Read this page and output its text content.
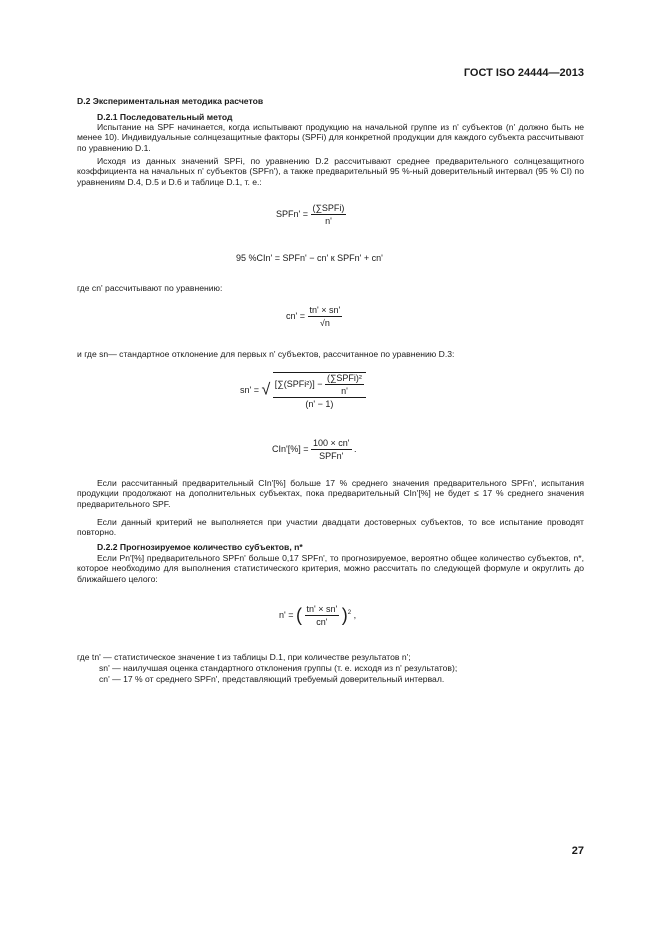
ГОСТ ISO 24444—2013
D.2 Экспериментальная методика расчетов
D.2.1 Последовательный метод
Испытание на SPF начинается, когда испытывают продукцию на начальной группе из n' субъектов (n' должно быть не менее 10). Индивидуальные солнцезащитные факторы (SPFi) для конкретной продукции для каждого субъекта рассчитывают по уравнению D.1.
Исходя из данных значений SPFi, по уравнению D.2 рассчитывают среднее предварительного солнцезащитного коэффициента на начальных n' субъектов (SPFn'), а также предварительный 95 %-ный доверительный интервал (95 % CI) по уравнениям D.4, D.5 и D.6 и таблице D.1, т. е.:
SPFn' = $\frac{\text{(∑SPFi)}}{n'}$
95 %CIn' = SPFn' − cn' к SPFn' + cn'
где cn' рассчитывают по уравнению:
$cn' = \frac{tn' \times sn'}{√n}$
и где sn— стандартное отклонение для первых n' субъектов, рассчитанное по уравнению D.3:
sn' = √ $\frac{[\sum(SPFi^2)] - \frac{\text{(∑SPFi)²}}{n'}}{(n' - 1)}$
$CIn'[\%] = \frac{100 \times cn'}{\text{SPFn'}}$ .
Если рассчитанный предварительный CIn'[%] больше 17 % среднего значения предварительного SPFn', испытания продукции продолжают на дополнительных субъектах, пока предварительный CIn'[%] не будет ≤ 17 % среднего значения предварительного SPF.
Если данный критерий не выполняется при участии двадцати достоверных субъектов, то все испытание проводят повторно.
D.2.2 Прогнозируемое количество субъектов, n*
Если Pn'[%] предварительного SPFn' больше 0,17 SPFn', то прогнозируемое, вероятно общее количество субъектов, n*, которое необходимо для выполнения статистического критерия, можно рассчитать по следующей формуле и округлить до ближайшего целого:
n' = ( $\frac{tn' \times sn'}{cn'} )^2$ ,
где tn' — статистическое значение t из таблицы D.1, при количестве результатов n';
sn' — наилучшая оценка стандартного отклонения группы (т. е. исходя из n' результатов);
cn' — 17 % от среднего SPFn', представляющий требуемый доверительный интервал.
27
